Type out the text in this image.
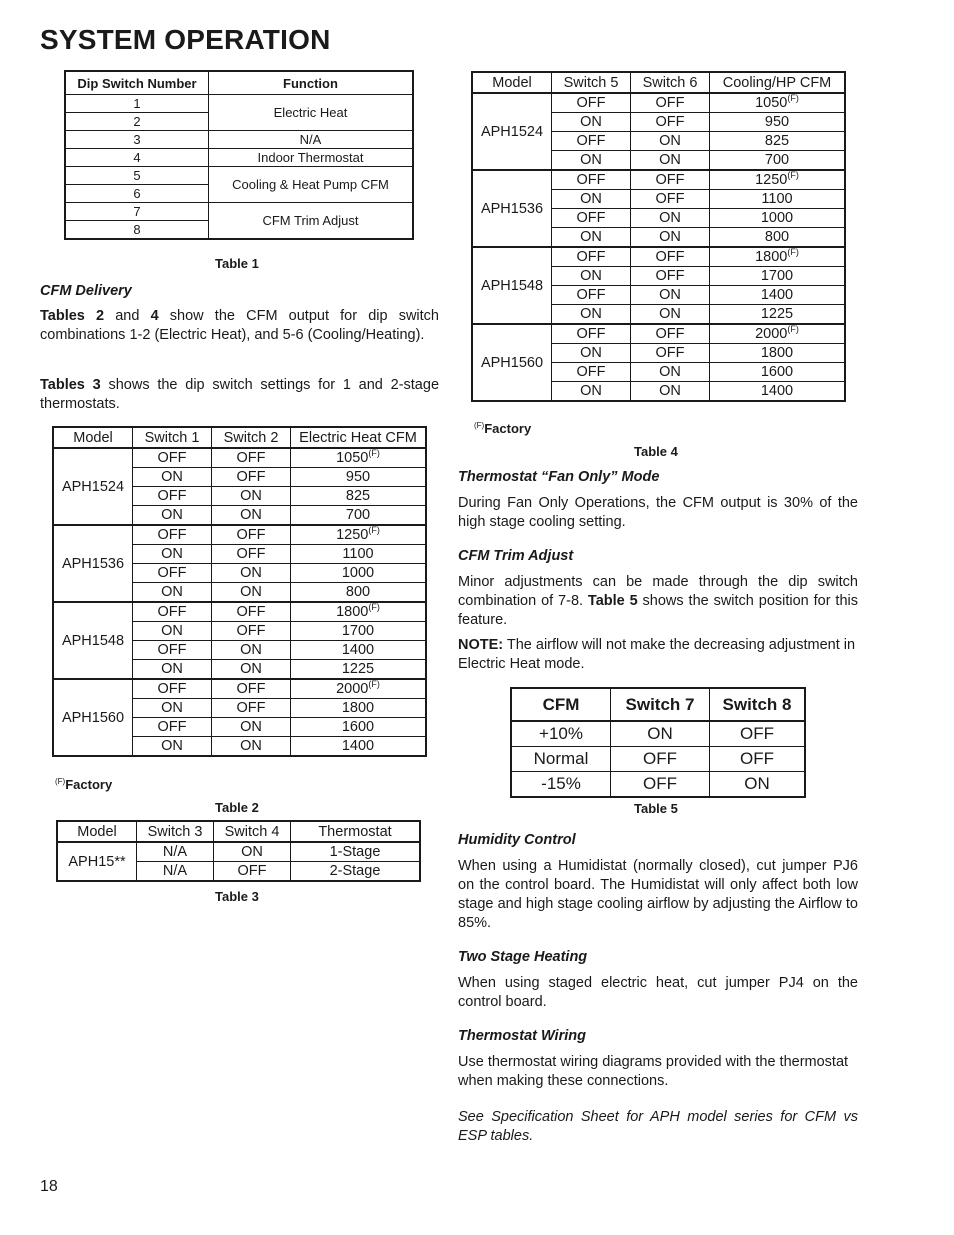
SYSTEM OPERATION
Dip Switch Number	Function
1	Electric Heat
2	
3	N/A
4	Indoor Thermostat
5	Cooling & Heat Pump CFM
6	
7	CFM Trim Adjust
8	
Table 1
CFM Delivery
Tables 2 and 4 show the CFM output for dip switch combinations 1-2 (Electric Heat), and 5-6 (Cooling/Heating).
Tables 3 shows the dip switch settings for 1 and 2-stage thermostats.
Model	Switch 1	Switch 2	Electric Heat CFM
APH1524	OFF	OFF	$1050^{(F)}$
	ON	OFF	950
	OFF	ON	825
	ON	ON	700
APH1536	OFF	OFF	$1250^{(F)}$
	ON	OFF	1100
	OFF	ON	1000
	ON	ON	800
APH1548	OFF	OFF	$1800^{(F)}$
	ON	OFF	1700
	OFF	ON	1400
	ON	ON	1225
APH1560	OFF	OFF	$2000^{(F)}$
	ON	OFF	1800
	OFF	ON	1600
	ON	ON	1400
$^{(F)}$Factory
Table 2
Model	Switch 3	Switch 4	Thermostat
APH15**	N/A	ON	1-Stage
	N/A	OFF	2-Stage
Table 3
Model	Switch 5	Switch 6	Cooling/HP CFM
APH1524	OFF	OFF	$1050^{(F)}$
	ON	OFF	950
	OFF	ON	825
	ON	ON	700
APH1536	OFF	OFF	$1250^{(F)}$
	ON	OFF	1100
	OFF	ON	1000
	ON	ON	800
APH1548	OFF	OFF	$1800^{(F)}$
	ON	OFF	1700
	OFF	ON	1400
	ON	ON	1225
APH1560	OFF	OFF	$2000^{(F)}$
	ON	OFF	1800
	OFF	ON	1600
	ON	ON	1400
$^{(F)}$Factory
Table 4
Thermostat “Fan Only” Mode
During Fan Only Operations, the CFM output is 30% of the high stage cooling setting.
CFM Trim Adjust
Minor adjustments can be made through the dip switch combination of 7-8. Table 5 shows the switch position for this feature.
NOTE: The airflow will not make the decreasing adjustment in Electric Heat mode.
CFM	Switch 7	Switch 8
+10%	ON	OFF
Normal	OFF	OFF
-15%	OFF	ON
Table 5
Humidity Control
When using a Humidistat (normally closed), cut jumper PJ6 on the control board. The Humidistat will only affect both low stage and high stage cooling airflow by adjusting the Airflow to 85%.
Two Stage Heating
When using staged electric heat, cut jumper PJ4 on the control board.
Thermostat Wiring
Use thermostat wiring diagrams provided with the thermostat when making these connections.
See Specification Sheet for APH model series for CFM vs ESP tables.
18
